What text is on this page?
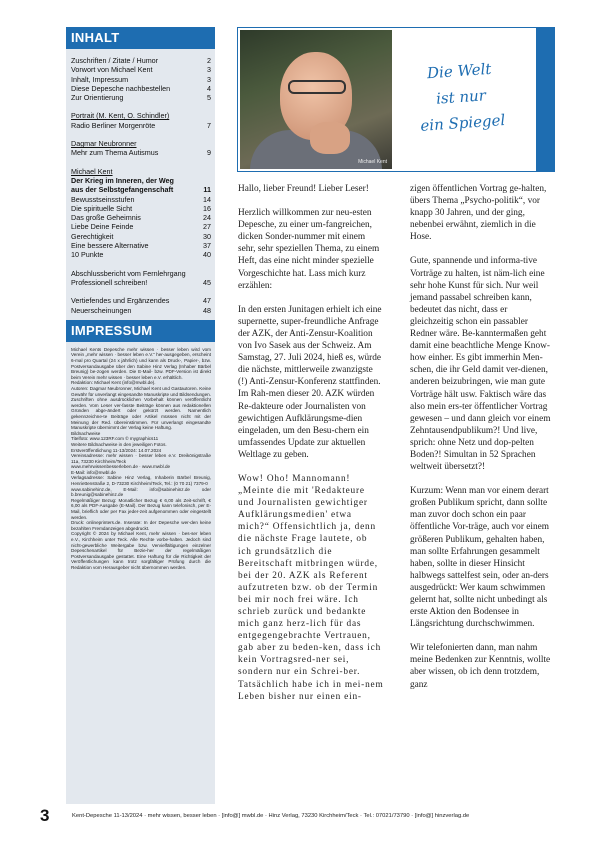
INHALT
Zuschriften / Zitate / Humor	2
Vorwort von Michael Kent	3
Inhalt, Impressum	3
Diese Depesche nachbestellen	4
Zur Orientierung	5
Portrait (M. Kent, O. Schindler)
Radio Berliner Morgenröte	7
Dagmar Neubronner
Mehr zum Thema Autismus	9
Michael Kent
Der Krieg im Inneren, der Weg
aus der Selbstgefangenschaft	11
Bewusstseinsstufen	14
Die spirituelle Sicht	16
Das große Geheimnis	24
Liebe Deine Feinde	27
Gerechtigkeit	30
Eine bessere Alternative	37
10 Punkte	40
Abschlussbericht vom Fernlehrgang
Professionell schreiben!	45
Vertiefendes und Ergänzendes	47
Neuerscheinungen	48
IMPRESSUM

Michael Kents Depesche mehr wissen · besser leben wird vom Verein „mehr wissen · besser leben e.V.“ her-ausgegeben, erscheint 6-mal pro Quartal (24 x jährlich) und kann als Druck-, Papier-, bzw. Postversandausgabe über den Sabine Hinz Verlag (Inhaber Bärbel Breunig) be-zogen werden. Die E-Mail- bzw. PDF-Version ist direkt beim Verein mehr wissen · besser leben e.V. erhältlich.

Redaktion: Michael Kent (info@mwbl.de).

Autoren: Dagmar Neubronner, Michael Kent und Gastautoren. Keine Gewähr für unverlangt eingesandte Manuskripte und Bildsendungen. Zuschriften ohne ausdrücklichen Vorbehalt können veröffentlicht werden. Vom Leser ver-fasste Beiträge können aus redaktionellen Gründen abge-ändert oder gekürzt werden. Namentlich gekennzeichne-te Beiträge oder Artikel müssen nicht mit der Meinung der Red. übereinstimmen. Für unverlangt eingesandte Manuskripte übernimmt der Verlag keine Haftung.

Bildnachweise

Titelfoto: www.123RF.com © mygraphics11

Weitere Bildnachweise in den jeweiligen Fotos.

Erstveröffentlichung 11-13/2024: 14.07.2024

Vereinsadresse: mehr wissen · besser leben e.V. Dreikönigstraße 11a, 73230 Kirchheim/Teck

www.mehrwissenbesserleben.de · www.mwbl.de

E-Mail: info@mwbl.de

Verlagsadresse: Sabine Hinz Verlag, Inhaberin Bärbel Breunig, Henriettenstraße 2, D-73230 Kirchheim/Teck, Tel.: (0 70 21) 7379-0

www.sabinehinz.de, E-Mail: info@sabinehinz.de oder b.breunig@sabinehinz.de

Regelmäßiger Bezug: Monatlicher Bezug € 6,00 als Zeit-schrift, € 6,00 als PDF-Ausgabe (E-Mail). Der Bezug kann telefonisch, per E-Mail, brieflich oder per Fax jeder-zeit aufgenommen oder eingestellt werden.

Druck: onlineprinters.de. Inserate: In der Depesche wer-den keine bezahlten Fremdanzeigen abgedruckt.

Copyright © 2024 by Michael Kent, mehr wissen · bes-ser leben e.V., Kirchheim unter Teck. Alle Rechte vorbe-halten. Jedoch sind nicht-gewerbliche Weitergabe bzw. Vervielfältigungen einzelner Depeschenartikel für Bezie-her der regelmäßigen Postversandausgabe gestattet. Eine Haftung für die Richtigkeit der Veröffentlichungen kann trotz sorgfältiger Prüfung durch die Redaktion vom Herausgeber nicht übernommen werden.

Michael Kent
Die Welt
ist nur
ein Spiegel
Michael Kent, Vorwort

Hallo, lieber Freund! Lieber Leser!

Herzlich willkommen zur neu-esten Depesche, zu einer um-fangreichen, dicken Sonder-nummer mit einem sehr, sehr speziellen Thema, zu einem Heft, das eine nicht minder spezielle Vorgeschichte hat. Lass mich kurz erzählen:

In den ersten Junitagen erhielt ich eine supernette, super-freundliche Anfrage der AZK, der Anti-Zensur-Koalition von Ivo Sasek aus der Schweiz. Am Samstag, 27. Juli 2024, hieß es, würde die nächste, mittlerweile zwanzigste (!) Anti-Zensur-Konferenz stattfinden. Im Rah-men dieser 20. AZK würden Re-dakteure oder Journalisten von gewichtigen Aufklärungsme-dien eingeladen, um den Besu-chern ein umfassendes Update zur aktuellen Weltlage zu geben.

Wow! Oho! Mannomann! „Meinte die mit 'Redakteure und Journalisten gewichtiger Aufklärungsmedien' etwa mich?“ Offensichtlich ja, denn die nächste Frage lautete, ob ich grundsätzlich die Bereitschaft mitbringen würde, bei der 20. AZK als Referent aufzutreten bzw. ob der Termin bei mir noch frei wäre. Ich schrieb zurück und bedankte mich ganz herz-lich für das entgegengebrachte Vertrauen, gab aber zu beden-ken, dass ich kein Vortragsred-ner sei, sondern nur ein Schrei-ber. Tatsächlich habe ich in mei-nem Leben bisher nur einen ein-

zigen öffentlichen Vortrag ge-halten, übers Thema „Psycho-politik“, vor knapp 30 Jahren, und der ging, nebenbei erwähnt, ziemlich in die Hose.

Gute, spannende und informa-tive Vorträge zu halten, ist näm-lich eine sehr hohe Kunst für sich. Nur weil jemand passabel schreiben kann, bedeutet das nicht, dass er gleichzeitig schon ein passabler Redner wäre. Be-kanntermaßen geht damit eine beachtliche Menge Know-how einher. Es gibt immerhin Men-schen, die ihr Geld damit ver-dienen, anderen beizubringen, wie man gute Vorträge hält usw. Faktisch wäre das also mein ers-ter öffentlicher Vortrag gewesen – und dann gleich vor einem Zehntausendpublikum?! Und live, sprich: ohne Netz und dop-pelten Boden?! Simultan in 52 Sprachen weltweit übersetzt?!

Kurzum: Wenn man vor einem derart großen Publikum spricht, dann sollte man zuvor doch schon ein paar öffentliche Vor-träge, auch vor einem größeren Publikum, gehalten haben, man sollte Erfahrungen gesammelt haben, sollte in dieser Hinsicht halbwegs sattelfest sein, oder an-ders ausgedrückt: Wer kaum schwimmen gelernt hat, sollte nicht unbedingt als erste Aktion den Bodensee in Längsrichtung durchschwimmen.

Wir telefonierten dann, man nahm meine Bedenken zur Kenntnis, wollte aber wissen, ob ich denn trotzdem, ganz

3	Kent-Depesche 11-13/2024 · mehr wissen, besser leben · [info@] mwbl.de · Hinz Verlag, 73230 Kirchheim/Teck · Tel.: 07021/73790 · [info@] hinzverlag.de
